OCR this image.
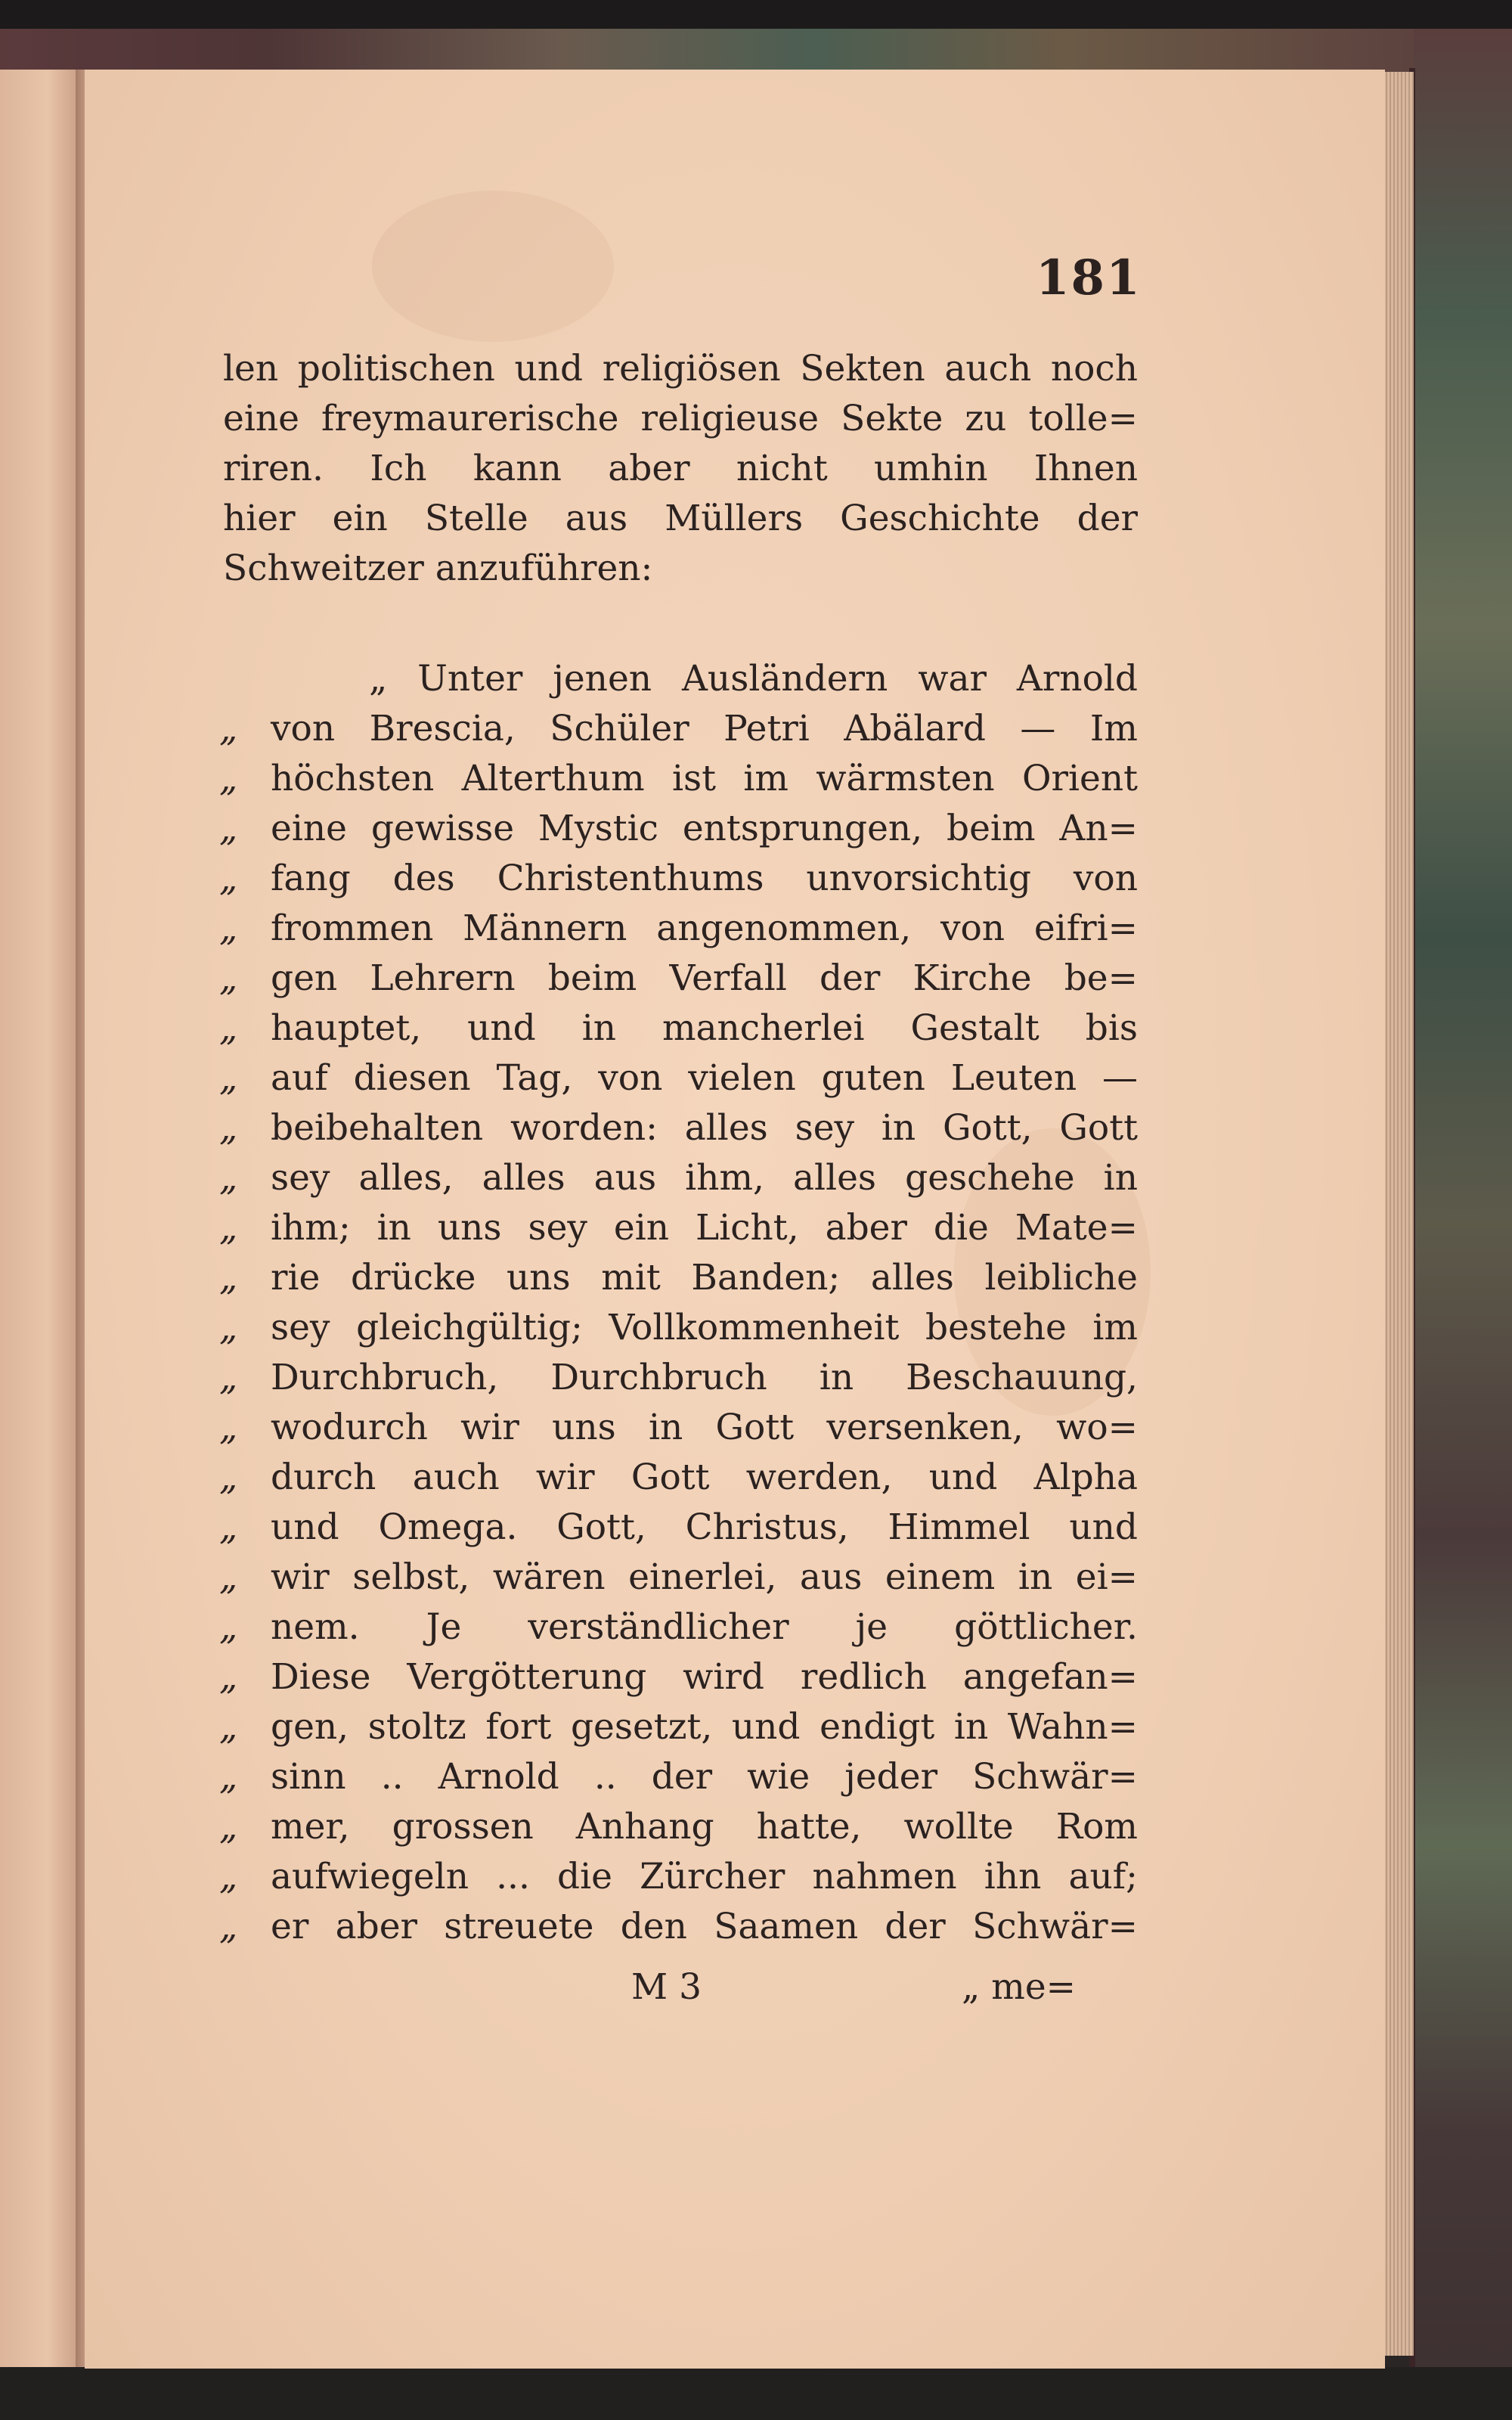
181
len politischen und religiösen Sekten auch noch
eine freymaurerische religieuse Sekte zu tolle=
riren. Ich kann aber nicht umhin Ihnen
hier ein Stelle aus Müllers Geschichte der
Schweitzer anzuführen:
„ Unter jenen Ausländern war Arnold
„ von Brescia, Schüler Petri Abälard — Im
„ höchsten Alterthum ist im wärmsten Orient
„ eine gewisse Mystic entsprungen, beim An=
„ fang des Christenthums unvorsichtig von
„ frommen Männern angenommen, von eifri=
„ gen Lehrern beim Verfall der Kirche be=
„ hauptet, und in mancherlei Gestalt bis
„ auf diesen Tag, von vielen guten Leuten —
„ beibehalten worden: alles sey in Gott, Gott
„ sey alles, alles aus ihm, alles geschehe in
„ ihm; in uns sey ein Licht, aber die Mate=
„ rie drücke uns mit Banden; alles leibliche
„ sey gleichgültig; Vollkommenheit bestehe im
„ Durchbruch, Durchbruch in Beschauung,
„ wodurch wir uns in Gott versenken, wo=
„ durch auch wir Gott werden, und Alpha
„ und Omega. Gott, Christus, Himmel und
„ wir selbst, wären einerlei, aus einem in ei=
„ nem. Je verständlicher je göttlicher.
„ Diese Vergötterung wird redlich angefan=
„ gen, stoltz fort gesetzt, und endigt in Wahn=
„ sinn .. Arnold .. der wie jeder Schwär=
„ mer, grossen Anhang hatte, wollte Rom
„ aufwiegeln ... die Zürcher nahmen ihn auf;
„ er aber streuete den Saamen der Schwär=
M 3	„ me=
